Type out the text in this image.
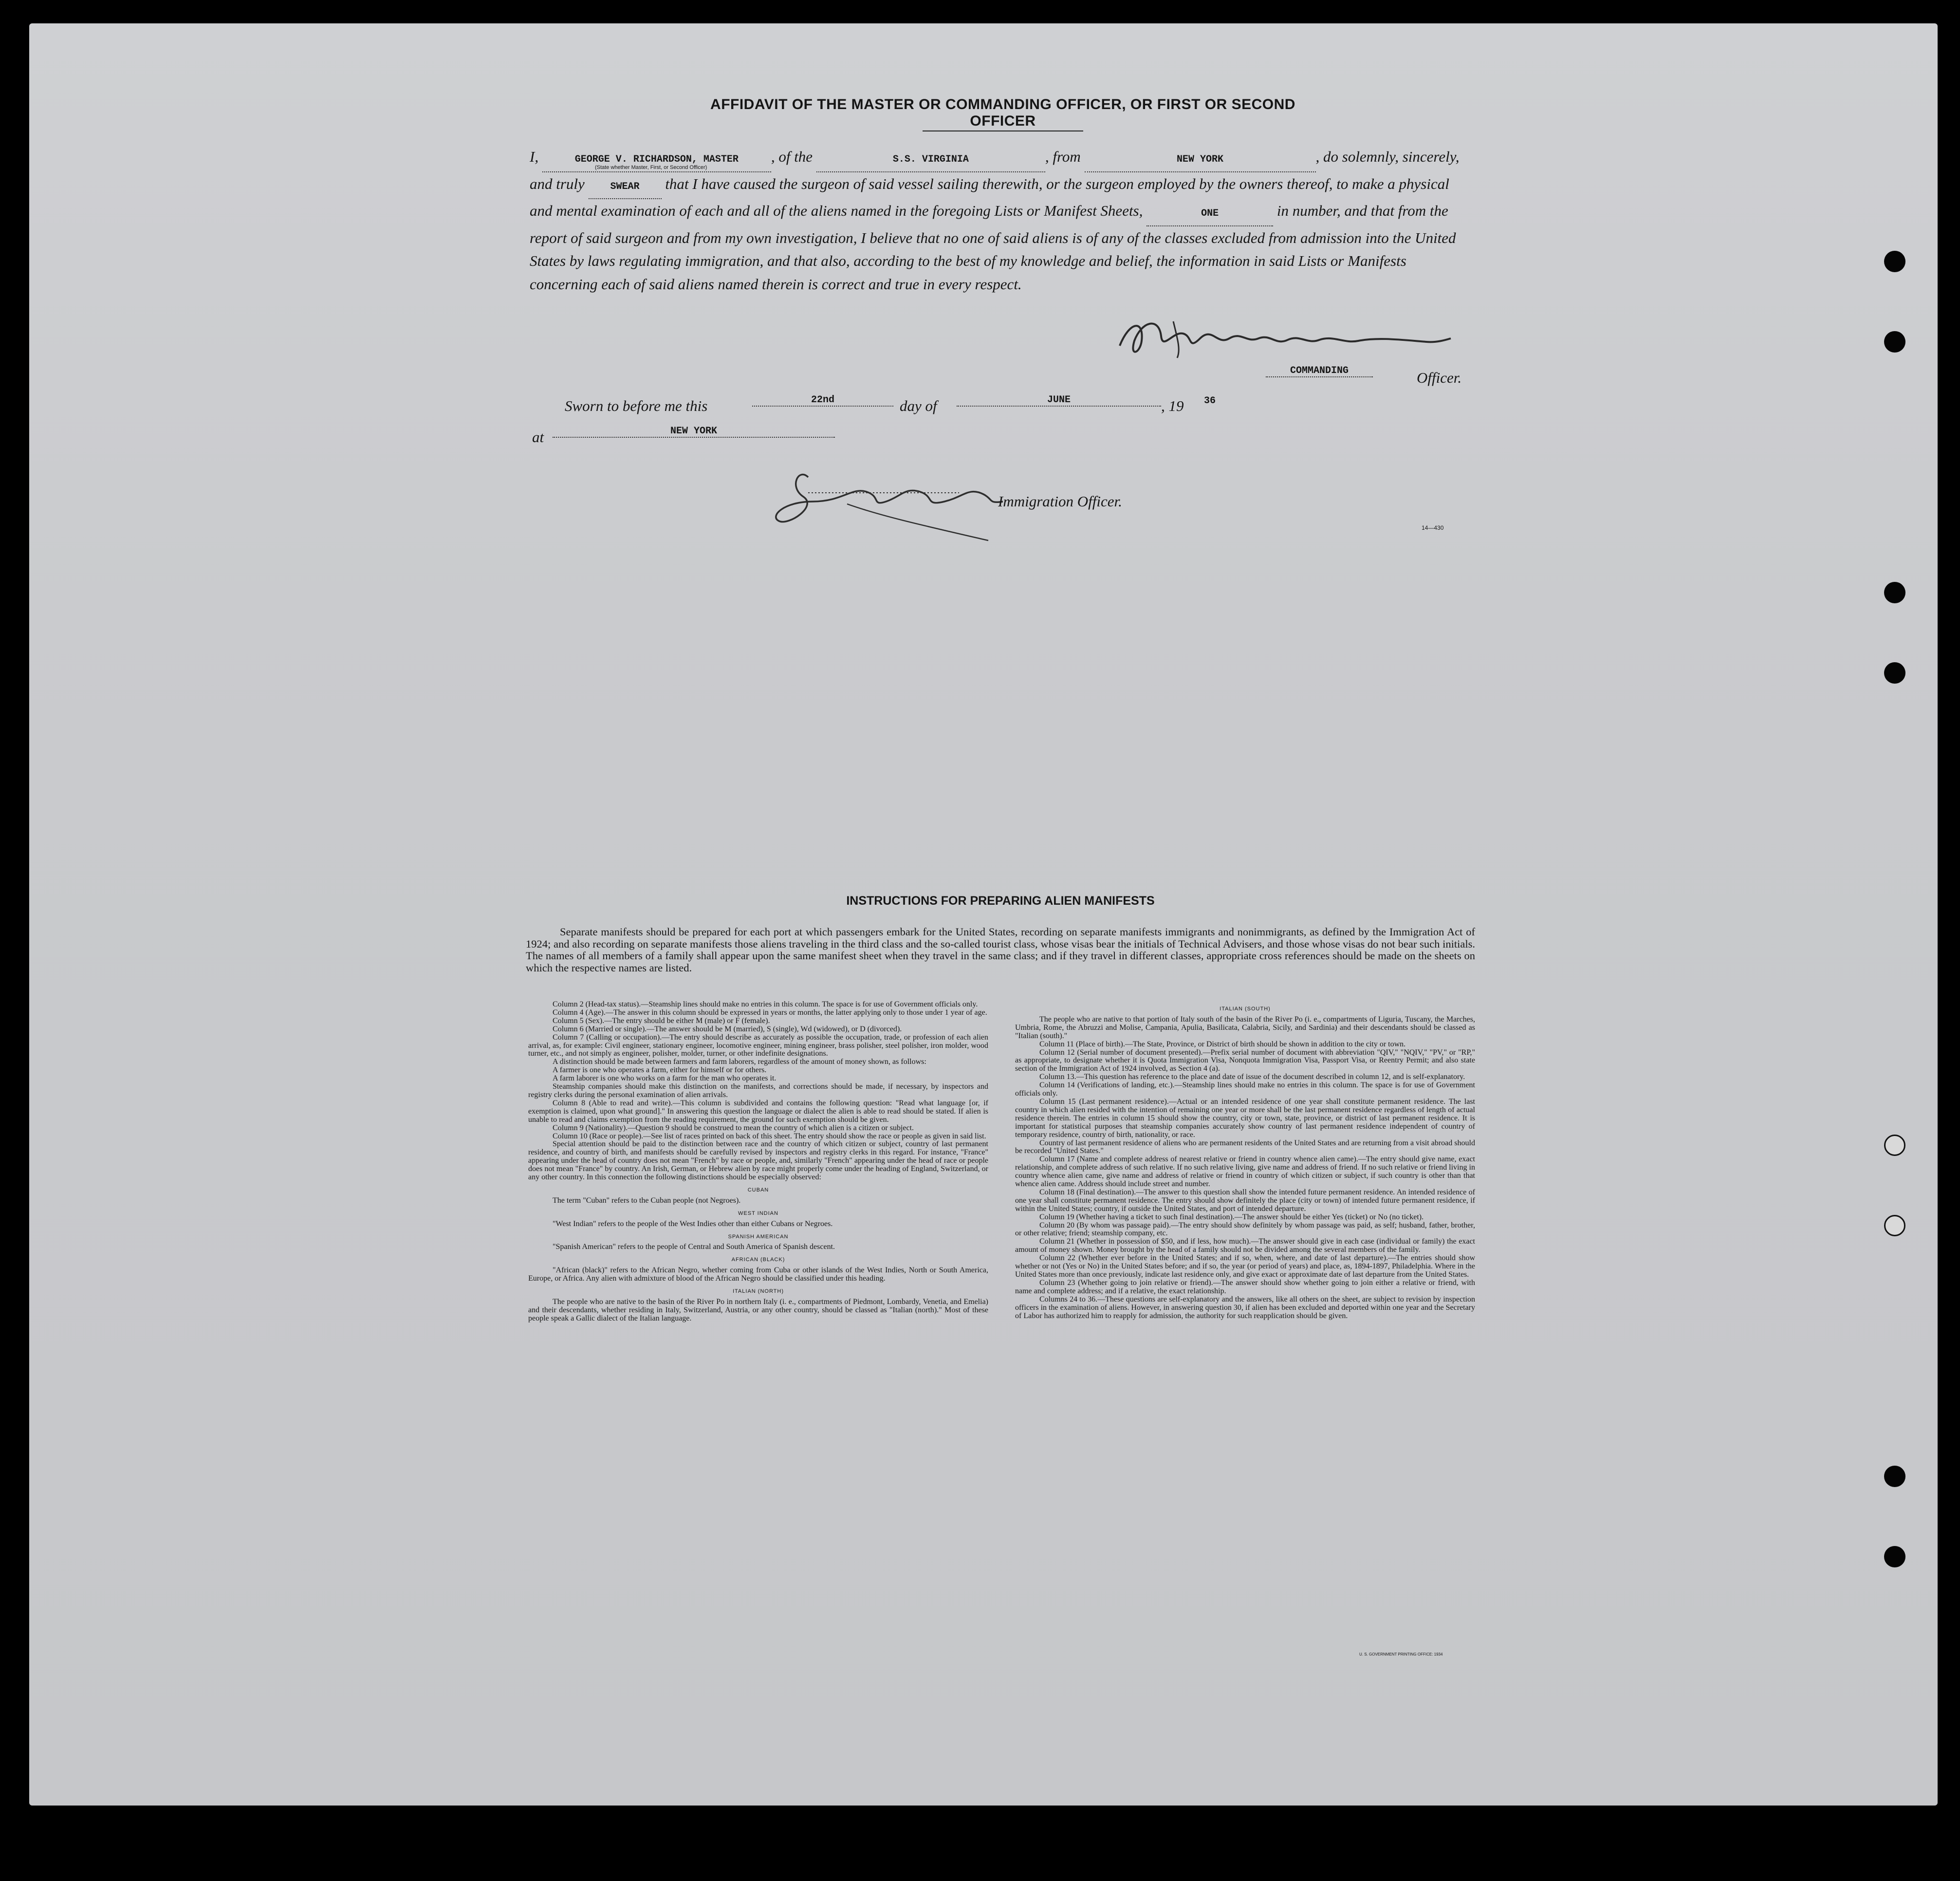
AFFIDAVIT OF THE MASTER OR COMMANDING OFFICER, OR FIRST OR SECOND OFFICER
I,	GEORGE V. RICHARDSON, MASTER , of the	S.S. VIRGINIA	, from	NEW YORK	, do solemnly, sincerely, and truly	SWEAR that I have caused the surgeon of said vessel sailing therewith, or the surgeon employed by the owners thereof, to make a physical and mental examination of each and all of the aliens named in the foregoing Lists or Manifest Sheets,	ONE	in number, and that from the report of said surgeon and from my own investigation, I believe that no one of said aliens is of any of the classes excluded from admission into the United States by laws regulating immigration, and that also, according to the best of my knowledge and belief, the information in said Lists or Manifests concerning each of said aliens named therein is correct and true in every respect.
(State whether Master, First, or Second Officer)
COMMANDING	Officer.
Sworn to before me this	22nd	day of	JUNE	, 19	36
at	NEW YORK
Immigration Officer.
14—430
INSTRUCTIONS FOR PREPARING ALIEN MANIFESTS
Separate manifests should be prepared for each port at which passengers embark for the United States, recording on separate manifests immigrants and nonimmigrants, as defined by the Immigration Act of 1924; and also recording on separate manifests those aliens traveling in the third class and the so-called tourist class, whose visas bear the initials of Technical Advisers, and those whose visas do not bear such initials. The names of all members of a family shall appear upon the same manifest sheet when they travel in the same class; and if they travel in different classes, appropriate cross references should be made on the sheets on which the respective names are listed.

Column 2 (Head-tax status).—Steamship lines should make no entries in this column. The space is for use of Government officials only.

Column 4 (Age).—The answer in this column should be expressed in years or months, the latter applying only to those under 1 year of age.

Column 5 (Sex).—The entry should be either M (male) or F (female).

Column 6 (Married or single).—The answer should be M (married), S (single), Wd (widowed), or D (divorced).

Column 7 (Calling or occupation).—The entry should describe as accurately as possible the occupation, trade, or profession of each alien arrival, as, for example: Civil engineer, stationary engineer, locomotive engineer, mining engineer, brass polisher, steel polisher, iron molder, wood turner, etc., and not simply as engineer, polisher, molder, turner, or other indefinite designations.

A distinction should be made between farmers and farm laborers, regardless of the amount of money shown, as follows:

A farmer is one who operates a farm, either for himself or for others.

A farm laborer is one who works on a farm for the man who operates it.

Steamship companies should make this distinction on the manifests, and corrections should be made, if necessary, by inspectors and registry clerks during the personal examination of alien arrivals.

Column 8 (Able to read and write).—This column is subdivided and contains the following question: "Read what language [or, if exemption is claimed, upon what ground]." In answering this question the language or dialect the alien is able to read should be stated. If alien is unable to read and claims exemption from the reading requirement, the ground for such exemption should be given.

Column 9 (Nationality).—Question 9 should be construed to mean the country of which alien is a citizen or subject.

Column 10 (Race or people).—See list of races printed on back of this sheet. The entry should show the race or people as given in said list.

Special attention should be paid to the distinction between race and the country of which citizen or subject, country of last permanent residence, and country of birth, and manifests should be carefully revised by inspectors and registry clerks in this regard. For instance, "France" appearing under the head of country does not mean "French" by race or people, and, similarly "French" appearing under the head of race or people does not mean "France" by country. An Irish, German, or Hebrew alien by race might properly come under the heading of England, Switzerland, or any other country. In this connection the following distinctions should be especially observed:

CUBAN

The term "Cuban" refers to the Cuban people (not Negroes).

WEST INDIAN

"West Indian" refers to the people of the West Indies other than either Cubans or Negroes.

SPANISH AMERICAN

"Spanish American" refers to the people of Central and South America of Spanish descent.

AFRICAN (BLACK)

"African (black)" refers to the African Negro, whether coming from Cuba or other islands of the West Indies, North or South America, Europe, or Africa. Any alien with admixture of blood of the African Negro should be classified under this heading.

ITALIAN (NORTH)

The people who are native to the basin of the River Po in northern Italy (i. e., compartments of Piedmont, Lombardy, Venetia, and Emelia) and their descendants, whether residing in Italy, Switzerland, Austria, or any other country, should be classed as "Italian (north)." Most of these people speak a Gallic dialect of the Italian language.

ITALIAN (SOUTH)

The people who are native to that portion of Italy south of the basin of the River Po (i. e., compartments of Liguria, Tuscany, the Marches, Umbria, Rome, the Abruzzi and Molise, Campania, Apulia, Basilicata, Calabria, Sicily, and Sardinia) and their descendants should be classed as "Italian (south)."

Column 11 (Place of birth).—The State, Province, or District of birth should be shown in addition to the city or town.

Column 12 (Serial number of document presented).—Prefix serial number of document with abbreviation "QIV," "NQIV," "PV," or "RP," as appropriate, to designate whether it is Quota Immigration Visa, Nonquota Immigration Visa, Passport Visa, or Reentry Permit; and also state section of the Immigration Act of 1924 involved, as Section 4 (a).

Column 13.—This question has reference to the place and date of issue of the document described in column 12, and is self-explanatory.

Column 14 (Verifications of landing, etc.).—Steamship lines should make no entries in this column. The space is for use of Government officials only.

Column 15 (Last permanent residence).—Actual or an intended residence of one year shall constitute permanent residence. The last country in which alien resided with the intention of remaining one year or more shall be the last permanent residence regardless of length of actual residence therein. The entries in column 15 should show the country, city or town, state, province, or district of last permanent residence. It is important for statistical purposes that steamship companies accurately show country of last permanent residence independent of country of temporary residence, country of birth, nationality, or race.

Country of last permanent residence of aliens who are permanent residents of the United States and are returning from a visit abroad should be recorded "United States."

Column 17 (Name and complete address of nearest relative or friend in country whence alien came).—The entry should give name, exact relationship, and complete address of such relative. If no such relative living, give name and address of friend. If no such relative or friend living in country whence alien came, give name and address of relative or friend in country of which citizen or subject, if such country is other than that whence alien came. Address should include street and number.

Column 18 (Final destination).—The answer to this question shall show the intended future permanent residence. An intended residence of one year shall constitute permanent residence. The entry should show definitely the place (city or town) of intended future permanent residence, if within the United States; country, if outside the United States, and port of intended departure.

Column 19 (Whether having a ticket to such final destination).—The answer should be either Yes (ticket) or No (no ticket).

Column 20 (By whom was passage paid).—The entry should show definitely by whom passage was paid, as self; husband, father, brother, or other relative; friend; steamship company, etc.

Column 21 (Whether in possession of $50, and if less, how much).—The answer should give in each case (individual or family) the exact amount of money shown. Money brought by the head of a family should not be divided among the several members of the family.

Column 22 (Whether ever before in the United States; and if so, when, where, and date of last departure).—The entries should show whether or not (Yes or No) in the United States before; and if so, the year (or period of years) and place, as, 1894-1897, Philadelphia. Where in the United States more than once previously, indicate last residence only, and give exact or approximate date of last departure from the United States.

Column 23 (Whether going to join relative or friend).—The answer should show whether going to join either a relative or friend, with name and complete address; and if a relative, the exact relationship.

Columns 24 to 36.—These questions are self-explanatory and the answers, like all others on the sheet, are subject to revision by inspection officers in the examination of aliens. However, in answering question 30, if alien has been excluded and deported within one year and the Secretary of Labor has authorized him to reapply for admission, the authority for such reapplication should be given.

U. S. GOVERNMENT PRINTING OFFICE: 1934
